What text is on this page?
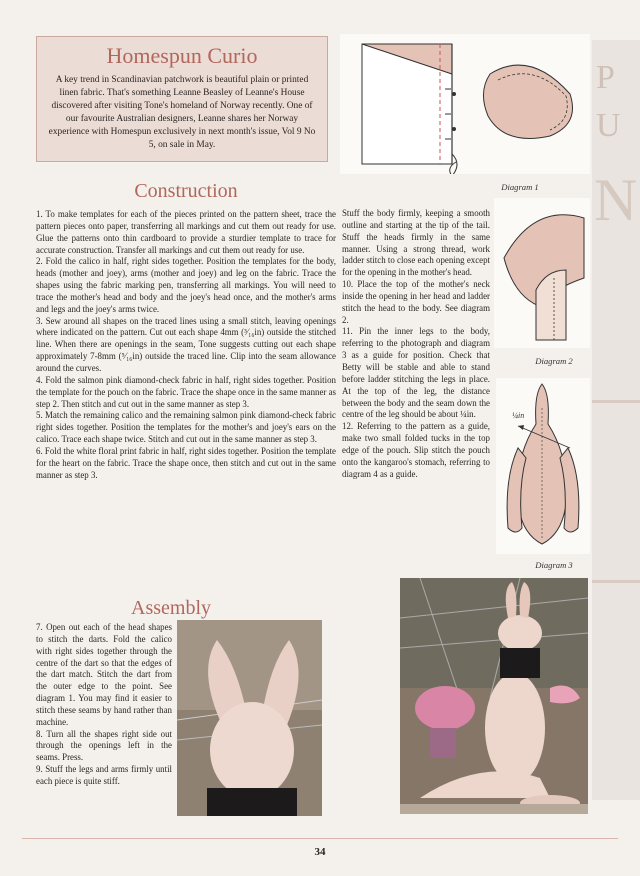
P
U
N
Homespun Curio
A key trend in Scandinavian patchwork is beautiful plain or printed linen fabric. That's something Leanne Beasley of Leanne's House discovered after visiting Tone's homeland of Norway recently. One of our favourite Australian designers, Leanne shares her Norway experience with Homespun exclusively in next month's issue, Vol 9 No 5, on sale in May.
Construction

1. To make templates for each of the pieces printed on the pattern sheet, trace the pattern pieces onto paper, transferring all markings and cut them out ready for use. Glue the patterns onto thin cardboard to provide a sturdier template to trace for accurate construction. Transfer all markings and cut them out ready for use.

2. Fold the calico in half, right sides together. Position the templates for the body, heads (mother and joey), arms (mother and joey) and leg on the fabric. Trace the shapes using the fabric marking pen, transferring all markings. You will need to trace the mother's head and body and the joey's head once, and the mother's arms and legs and the joey's arms twice.

3. Sew around all shapes on the traced lines using a small stitch, leaving openings where indicated on the pattern. Cut out each shape 4mm (³⁄₁₆in) outside the stitched line. When there are openings in the seam, Tone suggests cutting out each shape approximately 7-8mm (⁵⁄₁₆in) outside the traced line. Clip into the seam allowance around the curves.

4. Fold the salmon pink diamond-check fabric in half, right sides together. Position the template for the pouch on the fabric. Trace the shape once in the same manner as step 2. Then stitch and cut out in the same manner as step 3.

5. Match the remaining calico and the remaining salmon pink diamond-check fabric right sides together. Position the templates for the mother's and joey's ears on the calico. Trace each shape twice. Stitch and cut out in the same manner as step 3.

6. Fold the white floral print fabric in half, right sides together. Position the template for the heart on the fabric. Trace the shape once, then stitch and cut out in the same manner as step 3.

Stuff the body firmly, keeping a smooth outline and starting at the tip of the tail. Stuff the heads firmly in the same manner. Using a strong thread, work ladder stitch to close each opening except for the opening in the mother's head.

10. Place the top of the mother's neck inside the opening in her head and ladder stitch the head to the body. See diagram 2.

11. Pin the inner legs to the body, referring to the photograph and diagram 3 as a guide for position. Check that Betty will be stable and able to stand before ladder stitching the legs in place. At the top of the leg, the distance between the body and the seam down the centre of the leg should be about ¼in.

12. Referring to the pattern as a guide, make two small folded tucks in the top edge of the pouch. Slip stitch the pouch onto the kangaroo's stomach, referring to diagram 4 as a guide.

Diagram 1
Diagram 2
¼in
Diagram 3
Assembly

7. Open out each of the head shapes to stitch the darts. Fold the calico with right sides together through the centre of the dart so that the edges of the dart match. Stitch the dart from the outer edge to the point. See diagram 1. You may find it easier to stitch these seams by hand rather than machine.

8. Turn all the shapes right side out through the openings left in the seams. Press.

9. Stuff the legs and arms firmly until each piece is quite stiff.

34
